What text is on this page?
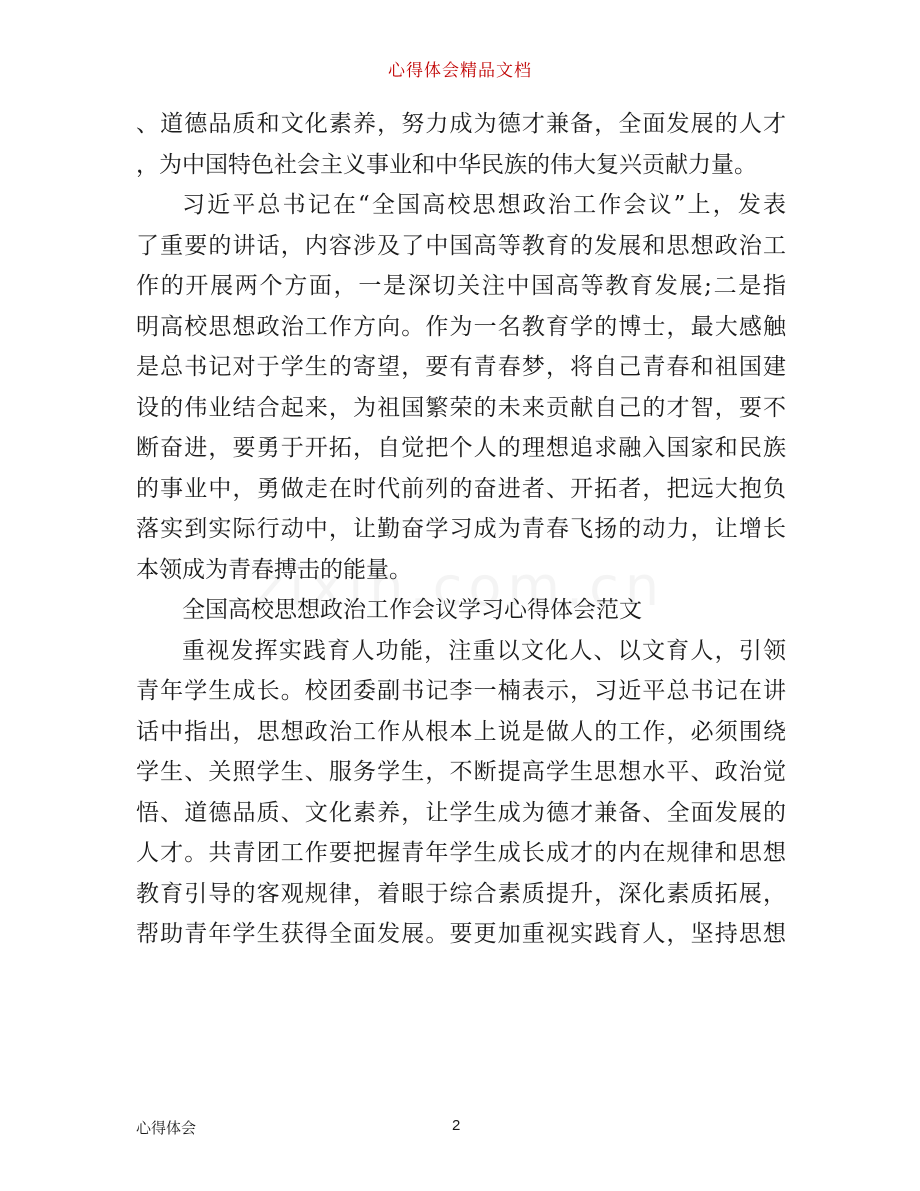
心得体会精品文档
、道德品质和文化素养，努力成为德才兼备，全面发展的人才
，为中国特色社会主义事业和中华民族的伟大复兴贡献力量。
习近平总书记在“全国高校思想政治工作会议”上，发表
了重要的讲话，内容涉及了中国高等教育的发展和思想政治工
作的开展两个方面，一是深切关注中国高等教育发展;二是指
明高校思想政治工作方向。作为一名教育学的博士，最大感触
是总书记对于学生的寄望，要有青春梦，将自己青春和祖国建
设的伟业结合起来，为祖国繁荣的未来贡献自己的才智，要不
断奋进，要勇于开拓，自觉把个人的理想追求融入国家和民族
的事业中，勇做走在时代前列的奋进者、开拓者，把远大抱负
落实到实际行动中，让勤奋学习成为青春飞扬的动力，让增长
本领成为青春搏击的能量。
全国高校思想政治工作会议学习心得体会范文
重视发挥实践育人功能，注重以文化人、以文育人，引领
青年学生成长。校团委副书记李一楠表示，习近平总书记在讲
话中指出，思想政治工作从根本上说是做人的工作，必须围绕
学生、关照学生、服务学生，不断提高学生思想水平、政治觉
悟、道德品质、文化素养，让学生成为德才兼备、全面发展的
人才。共青团工作要把握青年学生成长成才的内在规律和思想
教育引导的客观规律，着眼于综合素质提升，深化素质拓展，
帮助青年学生获得全面发展。要更加重视实践育人，坚持思想
心得体会	2
